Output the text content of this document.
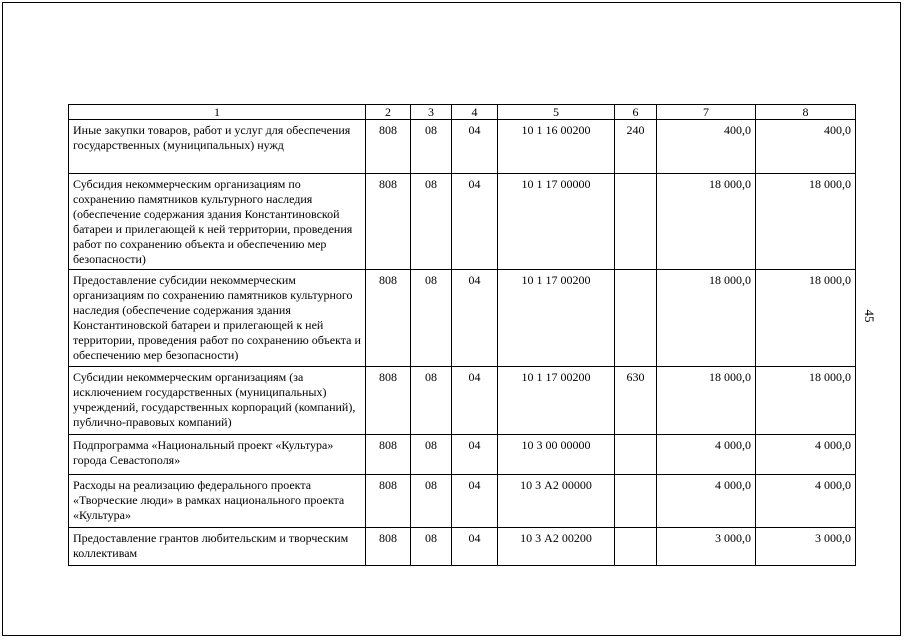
1	2	3	4	5	6	7	8
Иные закупки товаров, работ и услуг для обеспечения государственных (муниципальных) нужд	808	08	04	10 1 16 00200	240	400,0	400,0
Субсидия некоммерческим организациям по сохранению памятников культурного наследия (обеспечение содержания здания Константиновской батареи и прилегающей к ней территории, проведения работ по сохранению объекта и обеспечению мер безопасности)	808	08	04	10 1 17 00000		18 000,0	18 000,0
Предоставление субсидии некоммерческим организациям по сохранению памятников культурного наследия (обеспечение содержания здания Константиновской батареи и прилегающей к ней территории, проведения работ по сохранению объекта и обеспечению мер безопасности)	808	08	04	10 1 17 00200		18 000,0	18 000,0
Субсидии некоммерческим организациям (за исключением государственных (муниципальных) учреждений, государственных корпораций (компаний), публично-правовых компаний)	808	08	04	10 1 17 00200	630	18 000,0	18 000,0
Подпрограмма «Национальный проект «Культура» города Севастополя»	808	08	04	10 3 00 00000		4 000,0	4 000,0
Расходы на реализацию федерального проекта «Творческие люди» в рамках национального проекта «Культура»	808	08	04	10 3 А2 00000		4 000,0	4 000,0
Предоставление грантов любительским и творческим коллективам	808	08	04	10 3 А2 00200		3 000,0	3 000,0
45
